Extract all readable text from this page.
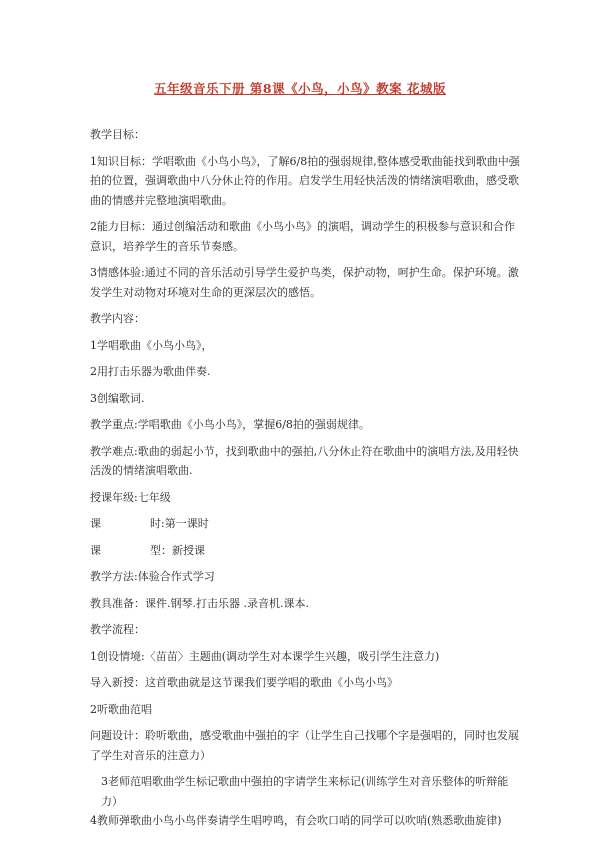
五年级音乐下册 第8课《小鸟，小鸟》教案 花城版

教学目标：

1知识目标：学唱歌曲《小鸟小鸟》，了解6/8拍的强弱规律,整体感受歌曲能找到歌曲中强拍的位置，强调歌曲中八分休止符的作用。启发学生用轻快活泼的情绪演唱歌曲，感受歌曲的情感并完整地演唱歌曲。

2能力目标：通过创编活动和歌曲《小鸟小鸟》的演唱，调动学生的积极参与意识和合作意识，培养学生的音乐节奏感。

3情感体验:通过不同的音乐活动引导学生爱护鸟类，保护动物，呵护生命。保护环境。激发学生对动物对环境对生命的更深层次的感悟。

教学内容：

1学唱歌曲《小鸟小鸟》，

2用打击乐器为歌曲伴奏.

3创编歌词.

教学重点:学唱歌曲《小鸟小鸟》，掌握6/8拍的强弱规律。

教学难点:歌曲的弱起小节，找到歌曲中的强拍,八分休止符在歌曲中的演唱方法,及用轻快活泼的情绪演唱歌曲.

授课年级:七年级

课	时:第一课时

课	型：新授课

教学方法:体验合作式学习

教具准备：课件.钢琴.打击乐器 .录音机.课本.

教学流程：

1创设情境:〈苗苗〉主题曲(调动学生对本课学生兴趣，吸引学生注意力)

导入新授：这首歌曲就是这节课我们要学唱的歌曲《小鸟小鸟》

2听歌曲范唱

问题设计：聆听歌曲，感受歌曲中强拍的字（让学生自己找哪个字是强唱的，同时也发展了学生对音乐的注意力）

3老师范唱歌曲学生标记歌曲中强拍的字请学生来标记(训练学生对音乐整体的听辩能力）

4教师弹歌曲小鸟小鸟伴奏请学生唱哼鸣，有会吹口哨的同学可以吹哨(熟悉歌曲旋律)
